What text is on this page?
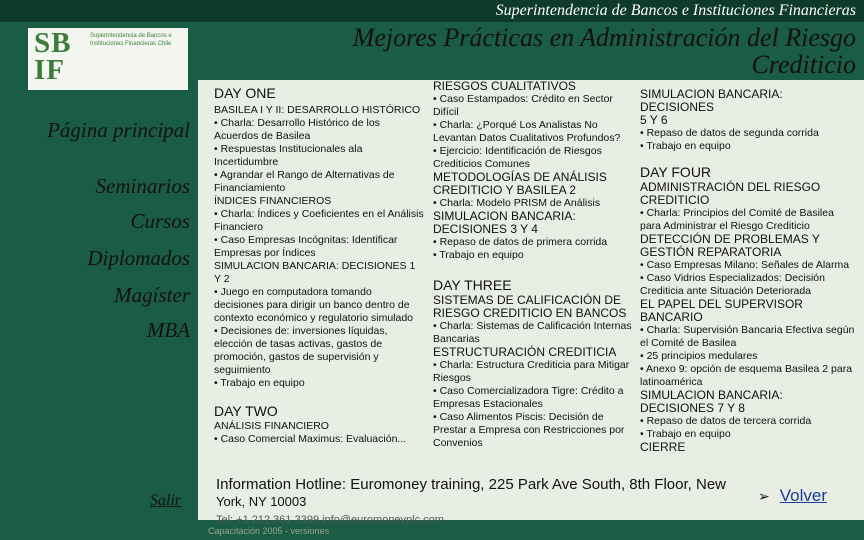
Superintendencia de Bancos e Instituciones Financieras
SB
IF
Superintendencia de Bancos e Instituciones Financieras Chile	Mejores Prácticas en Administración del Riesgo
Crediticio
Página principal
Seminarios
Cursos
Diplomados
Magíster
MBA
Salir
DAY ONE
BASILEA I Y II: DESARROLLO HISTÓRICO
• Charla: Desarrollo Histórico de los Acuerdos de Basilea
• Respuestas Institucionales ala Incertidumbre
• Agrandar el Rango de Alternativas de Financiamiento
ÍNDICES FINANCIEROS
• Charla: Índices y Coeficientes en el Análisis Financiero
• Caso Empresas Incógnitas: Identificar Empresas por Índices
SIMULACION BANCARIA: DECISIONES 1 Y 2
• Juego en computadora tomando decisiones para dirigir un banco dentro de contexto económico y regulatorio simulado
• Decisiones de: inversiones líquidas, elección de tasas activas, gastos de promoción, gastos de supervisión y seguimiento
• Trabajo en equipo
DAY TWO
ANÁLISIS FINANCIERO
• Caso Comercial Maximus: Evaluación...
RIESGOS CUALITATIVOS
• Caso Estampados: Crédito en Sector Difícil
• Charla: ¿Porqué Los Analistas No Levantan Datos Cualitativos Profundos?
• Ejercicio: Identificación de Riesgos Crediticios Comunes
METODOLOGÍAS DE ANÁLISIS CREDITICIO Y BASILEA 2
• Charla: Modelo PRISM de Análisis
SIMULACION BANCARIA: DECISIONES 3 Y 4
• Repaso de datos de primera corrida
• Trabajo en equipo
DAY THREE
SISTEMAS DE CALIFICACIÓN DE RIESGO CREDITICIO EN BANCOS
• Charla: Sistemas de Calificación Internas Bancarias
ESTRUCTURACIÓN CREDITICIA
• Charla: Estructura Crediticia para Mitigar Riesgos
• Caso Comercializadora Tigre: Crédito a Empresas Estacionales
• Caso Alimentos Piscis: Decisión de Prestar a Empresa con Restricciones por Convenios
SIMULACION BANCARIA: DECISIONES
5 Y 6
• Repaso de datos de segunda corrida
• Trabajo en equipo
DAY FOUR
ADMINISTRACIÓN DEL RIESGO CREDITICIO
• Charla: Principios del Comité de Basilea
para Administrar el Riesgo Crediticio
DETECCIÓN DE PROBLEMAS Y GESTIÓN REPARATORIA
• Caso Empresas Milano: Señales de Alarma
• Caso Vidrios Especializados: Decisión Crediticia ante Situación Deteriorada
EL PAPEL DEL SUPERVISOR BANCARIO
• Charla: Supervisión Bancaria Efectiva según el Comité de Basilea
• 25 principios medulares
• Anexo 9: opción de esquema Basilea 2 para latinoamérica
SIMULACION BANCARIA: DECISIONES 7 Y 8
• Repaso de datos de tercera corrida
• Trabajo en equipo
CIERRE
Information Hotline: Euromoney training, 225 Park Ave South, 8th Floor, New
York, NY 10003
Tel: +1 212 361 3399 info@euromoneyplc.com
➢ Volver
Capacitación 2005 - versiones
